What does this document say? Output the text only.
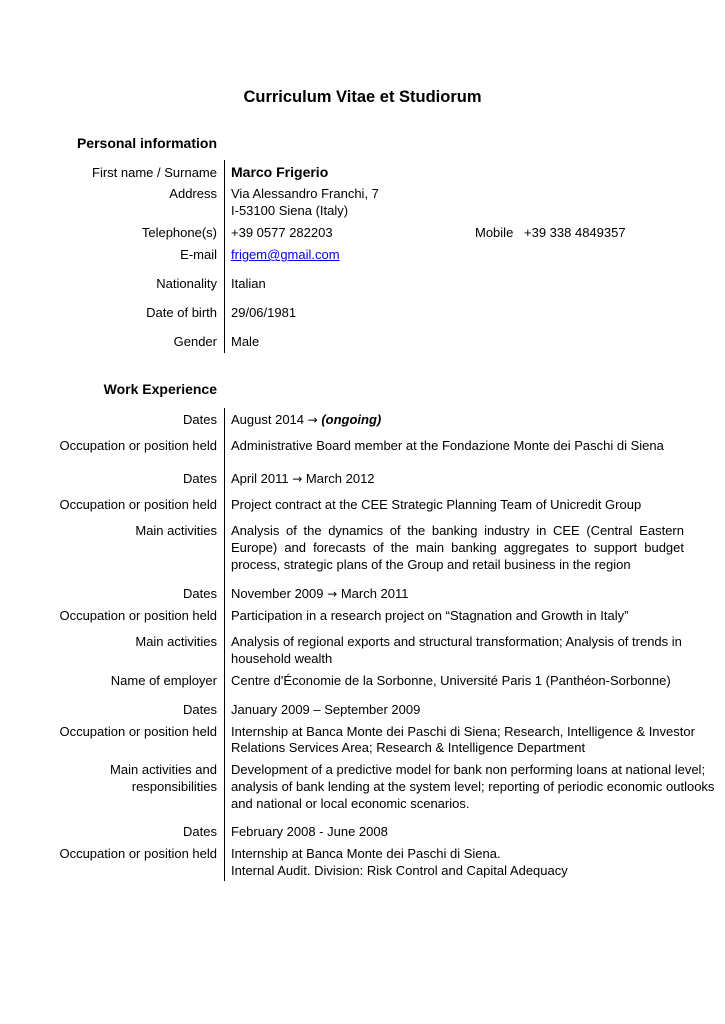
Curriculum Vitae et Studiorum
Personal information
First name / Surname Marco Frigerio
Address Via Alessandro Franchi, 7
I-53100 Siena (Italy)
Telephone(s) +39 0577 282203	Mobile +39 338 4849357
E-mail frigem@gmail.com
Nationality Italian
Date of birth 29/06/1981
Gender Male
Work Experience
Dates August 2014 → (ongoing)
Occupation or position held Administrative Board member at the Fondazione Monte dei Paschi di Siena
Dates April 2011 → March 2012
Occupation or position held Project contract at the CEE Strategic Planning Team of Unicredit Group
Main activities Analysis of the dynamics of the banking industry in CEE (Central Eastern Europe) and forecasts of the main banking aggregates to support budget process, strategic plans of the Group and retail business in the region
Dates November 2009 → March 2011
Occupation or position held Participation in a research project on “Stagnation and Growth in Italy”
Main activities Analysis of regional exports and structural transformation; Analysis of trends in
household wealth
Name of employer Centre d'Économie de la Sorbonne, Université Paris 1 (Panthéon-Sorbonne)
Dates January 2009 – September 2009
Occupation or position held Internship at Banca Monte dei Paschi di Siena; Research, Intelligence & Investor
Relations Services Area; Research & Intelligence Department
Main activities and
responsibilities
Development of a predictive model for bank non performing loans at national level;
analysis of bank lending at the system level; reporting of periodic economic outlooks
and national or local economic scenarios.
Dates February 2008 - June 2008
Occupation or position held Internship at Banca Monte dei Paschi di Siena.
Internal Audit. Division: Risk Control and Capital Adequacy
